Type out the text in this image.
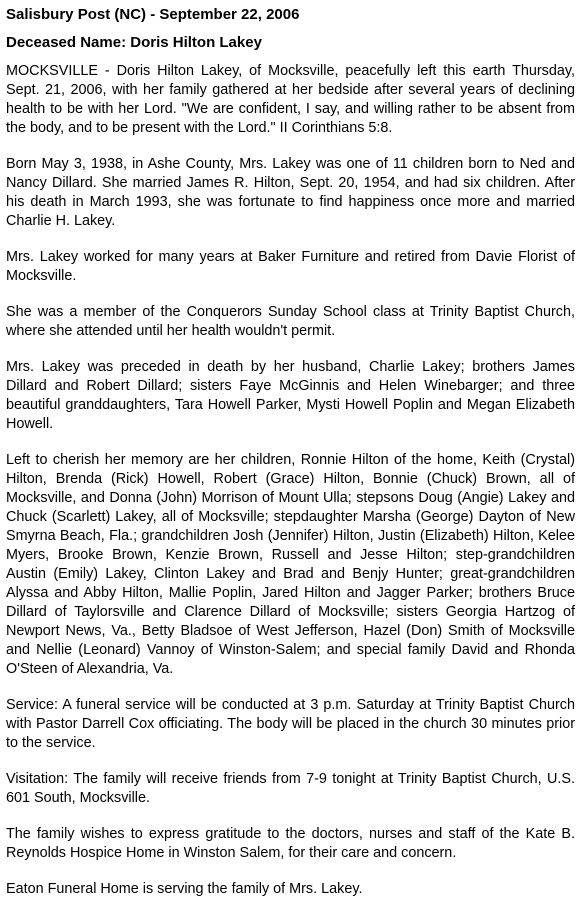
Salisbury Post (NC) - September 22, 2006
Deceased Name: Doris Hilton Lakey

MOCKSVILLE - Doris Hilton Lakey, of Mocksville, peacefully left this earth Thursday, Sept. 21, 2006, with her family gathered at her bedside after several years of declining health to be with her Lord. "We are confident, I say, and willing rather to be absent from the body, and to be present with the Lord." II Corinthians 5:8.

Born May 3, 1938, in Ashe County, Mrs. Lakey was one of 11 children born to Ned and Nancy Dillard. She married James R. Hilton, Sept. 20, 1954, and had six children. After his death in March 1993, she was fortunate to find happiness once more and married Charlie H. Lakey.

Mrs. Lakey worked for many years at Baker Furniture and retired from Davie Florist of Mocksville.

She was a member of the Conquerors Sunday School class at Trinity Baptist Church, where she attended until her health wouldn't permit.

Mrs. Lakey was preceded in death by her husband, Charlie Lakey; brothers James Dillard and Robert Dillard; sisters Faye McGinnis and Helen Winebarger; and three beautiful granddaughters, Tara Howell Parker, Mysti Howell Poplin and Megan Elizabeth Howell.

Left to cherish her memory are her children, Ronnie Hilton of the home, Keith (Crystal) Hilton, Brenda (Rick) Howell, Robert (Grace) Hilton, Bonnie (Chuck) Brown, all of Mocksville, and Donna (John) Morrison of Mount Ulla; stepsons Doug (Angie) Lakey and Chuck (Scarlett) Lakey, all of Mocksville; stepdaughter Marsha (George) Dayton of New Smyrna Beach, Fla.; grandchildren Josh (Jennifer) Hilton, Justin (Elizabeth) Hilton, Kelee Myers, Brooke Brown, Kenzie Brown, Russell and Jesse Hilton; step-grandchildren Austin (Emily) Lakey, Clinton Lakey and Brad and Benjy Hunter; great-grandchildren Alyssa and Abby Hilton, Mallie Poplin, Jared Hilton and Jagger Parker; brothers Bruce Dillard of Taylorsville and Clarence Dillard of Mocksville; sisters Georgia Hartzog of Newport News, Va., Betty Bladsoe of West Jefferson, Hazel (Don) Smith of Mocksville and Nellie (Leonard) Vannoy of Winston-Salem; and special family David and Rhonda O'Steen of Alexandria, Va.

Service: A funeral service will be conducted at 3 p.m. Saturday at Trinity Baptist Church with Pastor Darrell Cox officiating. The body will be placed in the church 30 minutes prior to the service.

Visitation: The family will receive friends from 7-9 tonight at Trinity Baptist Church, U.S. 601 South, Mocksville.

The family wishes to express gratitude to the doctors, nurses and staff of the Kate B. Reynolds Hospice Home in Winston Salem, for their care and concern.

Eaton Funeral Home is serving the family of Mrs. Lakey.
